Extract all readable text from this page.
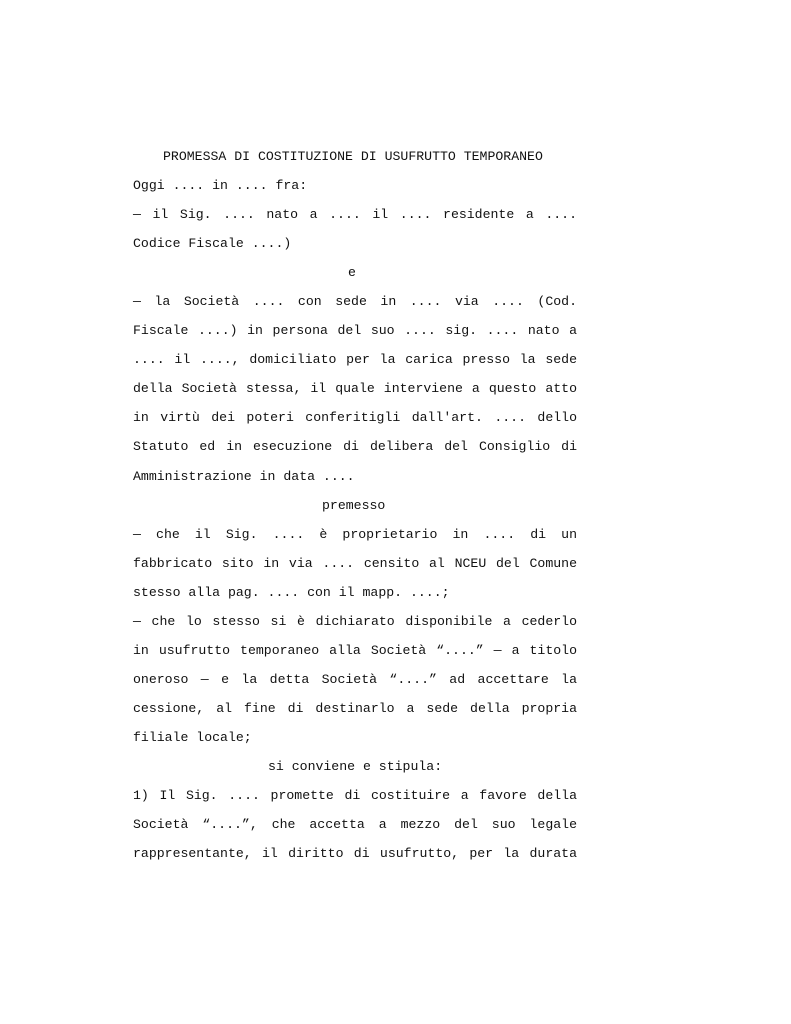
PROMESSA DI COSTITUZIONE DI USUFRUTTO TEMPORANEO
Oggi .... in .... fra:
— il Sig. .... nato a .... il .... residente a ....
Codice Fiscale ....)
e
— la Società .... con sede in .... via .... (Cod.
Fiscale ....) in persona del suo .... sig. .... nato a
.... il ...., domiciliato per la carica presso la sede
della Società stessa, il quale interviene a questo atto
in virtù dei poteri conferitigli dall'art. .... dello
Statuto ed in esecuzione di delibera del Consiglio di
Amministrazione in data ....
premesso
— che il Sig. .... è proprietario in .... di un
fabbricato sito in via .... censito al NCEU del Comune
stesso alla pag. .... con il mapp. ....;
— che lo stesso si è dichiarato disponibile a cederlo
in usufrutto temporaneo alla Società “....” — a titolo
oneroso — e la detta Società “....” ad accettare la
cessione, al fine di destinarlo a sede della propria
filiale locale;
si conviene e stipula:
1) Il Sig. .... promette di costituire a favore della
Società “....”, che accetta a mezzo del suo legale
rappresentante, il diritto di usufrutto, per la durata
